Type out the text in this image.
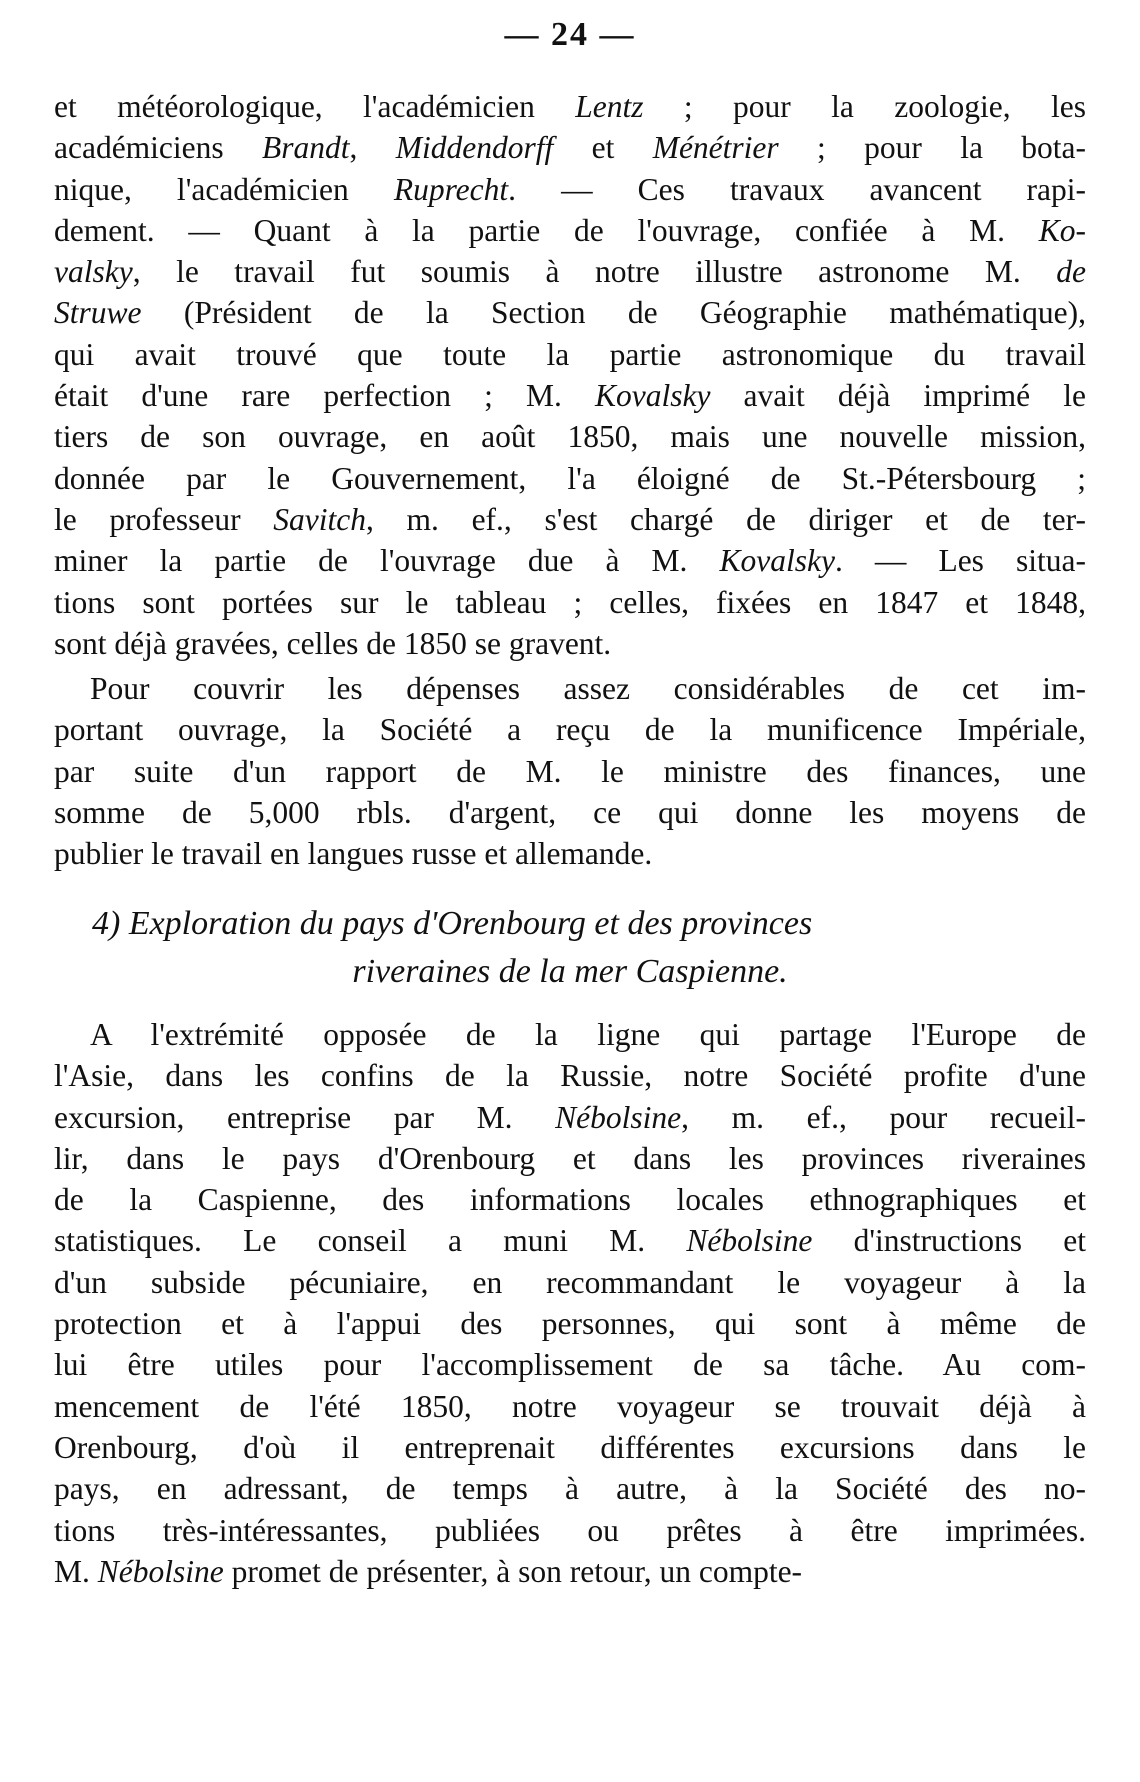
— 24 —
et météorologique, l'académicien Lentz ; pour la zoologie, les
académiciens Brandt, Middendorff et Ménétrier ; pour la bota-
nique, l'académicien Ruprecht. — Ces travaux avancent rapi-
dement. — Quant à la partie de l'ouvrage, confiée à M. Ko-
valsky, le travail fut soumis à notre illustre astronome M. de
Struwe (Président de la Section de Géographie mathématique),
qui avait trouvé que toute la partie astronomique du travail
était d'une rare perfection ; M. Kovalsky avait déjà imprimé le
tiers de son ouvrage, en août 1850, mais une nouvelle mission,
donnée par le Gouvernement, l'a éloigné de St.-Pétersbourg ;
le professeur Savitch, m. ef., s'est chargé de diriger et de ter-
miner la partie de l'ouvrage due à M. Kovalsky. — Les situa-
tions sont portées sur le tableau ; celles, fixées en 1847 et 1848,
sont déjà gravées, celles de 1850 se gravent.
Pour couvrir les dépenses assez considérables de cet im-
portant ouvrage, la Société a reçu de la munificence Impériale,
par suite d'un rapport de M. le ministre des finances, une
somme de 5,000 rbls. d'argent, ce qui donne les moyens de
publier le travail en langues russe et allemande.
4) Exploration du pays d'Orenbourg et des provinces
riveraines de la mer Caspienne.
A l'extrémité opposée de la ligne qui partage l'Europe de
l'Asie, dans les confins de la Russie, notre Société profite d'une
excursion, entreprise par M. Nébolsine, m. ef., pour recueil-
lir, dans le pays d'Orenbourg et dans les provinces riveraines
de la Caspienne, des informations locales ethnographiques et
statistiques. Le conseil a muni M. Nébolsine d'instructions et
d'un subside pécuniaire, en recommandant le voyageur à la
protection et à l'appui des personnes, qui sont à même de
lui être utiles pour l'accomplissement de sa tâche. Au com-
mencement de l'été 1850, notre voyageur se trouvait déjà à
Orenbourg, d'où il entreprenait différentes excursions dans le
pays, en adressant, de temps à autre, à la Société des no-
tions très-intéressantes, publiées ou prêtes à être imprimées.
M. Nébolsine promet de présenter, à son retour, un compte-
